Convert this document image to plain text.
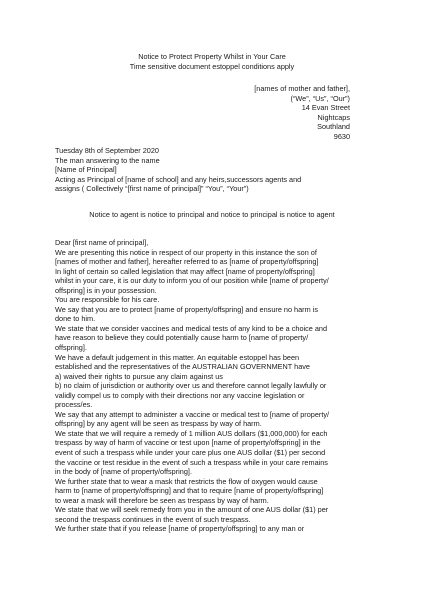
Notice to Protect Property Whilst in Your Care
Time sensitive document estoppel conditions apply
[names of mother and father],
(“We”, “Us”, “Our”)
14 Evan Street
Nightcaps
Southland
9630
Tuesday 8th of September 2020
The man answering to the name
[Name of Principal]
Acting as Principal of [name of school] and any heirs,successors agents and
assigns ( Collectively “[first name of principal]” “You”, “Your”)
Notice to agent is notice to principal and notice to principal is notice to agent
Dear [first name of principal],
We are presenting this notice in respect of our property in this instance the son of
[names of mother and father], hereafter referred to as [name of property/offspring]
In light of certain so called legislation that may affect [name of property/offspring]
whilst in your care, it is our duty to inform you of our position while [name of property/
offspring] is in your possession.
You are responsible for his care.
We say that you are to protect [name of property/offspring] and ensure no harm is
done to him.
We state that we consider vaccines and medical tests of any kind to be a choice and
have reason to believe they could potentially cause harm to [name of property/
offspring].
We have a default judgement in this matter. An equitable estoppel has been
established and the representatives of the AUSTRALIAN GOVERNMENT have
a) waived their rights to pursue any claim against us
b) no claim of jurisdiction or authority over us and therefore cannot legally lawfully or
validly compel us to comply with their directions nor any vaccine legislation or
process/es.
We say that any attempt to administer a vaccine or medical test to [name of property/
offspring] by any agent will be seen as trespass by way of harm.
We state that we will require a remedy of 1 million AUS dollars ($1,000,000) for each
trespass by way of harm of vaccine or test upon [name of property/offspring] in the
event of such a trespass while under your care plus one AUS dollar ($1) per second
the vaccine or test residue in the event of such a trespass while in your care remains
in the body of [name of property/offspring].
We further state that to wear a mask that restricts the flow of oxygen would cause
harm to [name of property/offspring] and that to require [name of property/offspring]
to wear a mask will therefore be seen as trespass by way of harm.
We state that we will seek remedy from you in the amount of one AUS dollar ($1) per
second the trespass continues in the event of such trespass.
We further state that if you release [name of property/offspring] to any man or
